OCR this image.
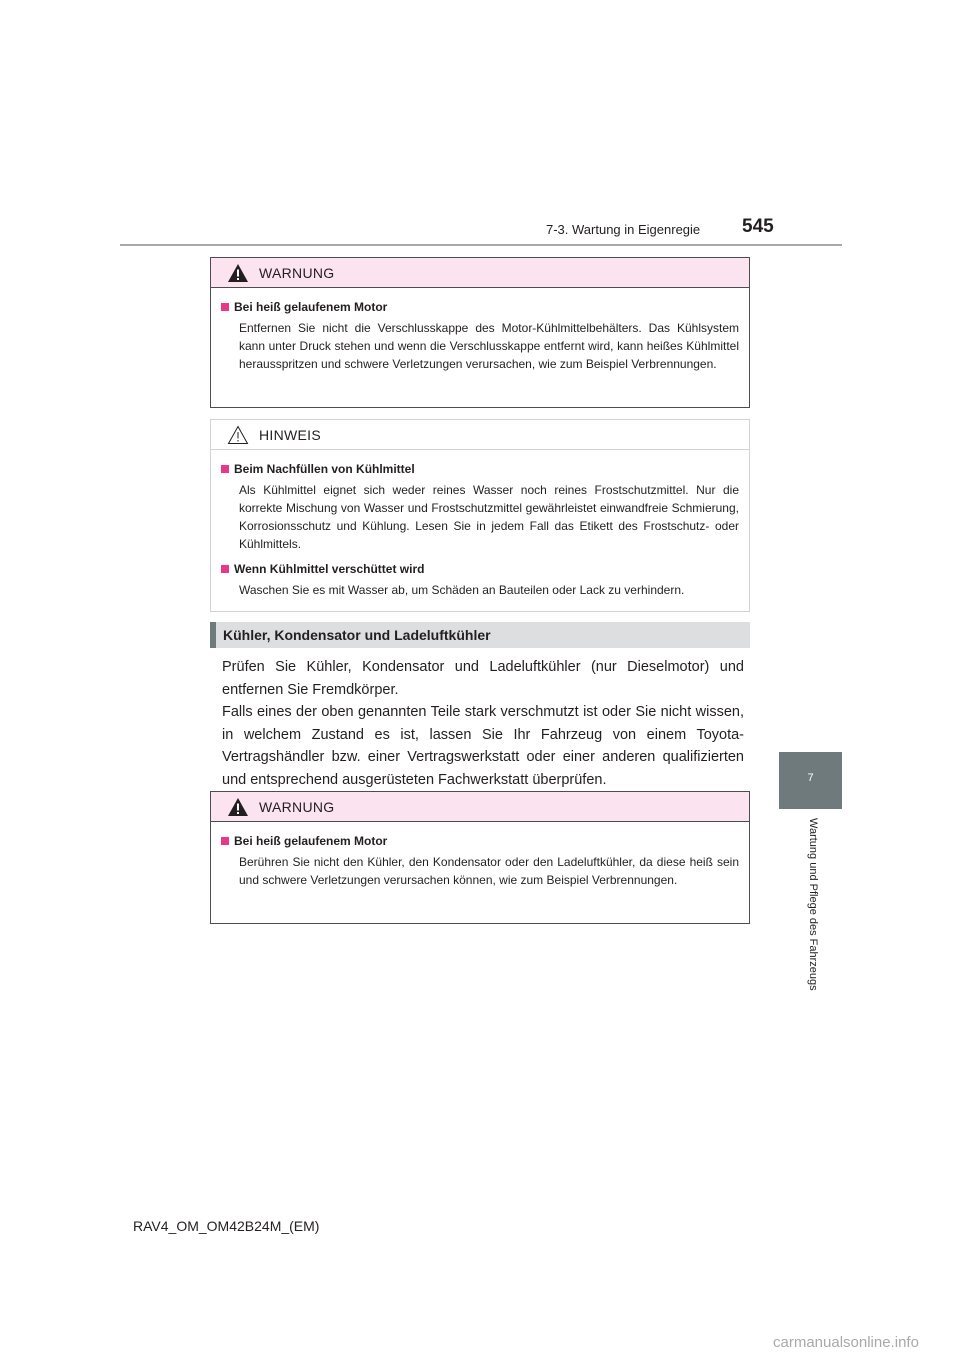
7-3. Wartung in Eigenregie 545
7
Wartung und Pflege des Fahrzeugs
WARNUNG
Bei heiß gelaufenem Motor
Entfernen Sie nicht die Verschlusskappe des Motor-Kühlmittelbehälters. Das Kühlsystem kann unter Druck stehen und wenn die Verschlusskappe entfernt wird, kann heißes Kühlmittel herausspritzen und schwere Verletzungen verursachen, wie zum Beispiel Verbrennungen.
HINWEIS
Beim Nachfüllen von Kühlmittel
Als Kühlmittel eignet sich weder reines Wasser noch reines Frostschutzmittel. Nur die korrekte Mischung von Wasser und Frostschutzmittel gewährleistet einwandfreie Schmierung, Korrosionsschutz und Kühlung. Lesen Sie in jedem Fall das Etikett des Frostschutz- oder Kühlmittels.
Wenn Kühlmittel verschüttet wird
Waschen Sie es mit Wasser ab, um Schäden an Bauteilen oder Lack zu verhindern.
Kühler, Kondensator und Ladeluftkühler

Prüfen Sie Kühler, Kondensator und Ladeluftkühler (nur Dieselmotor) und entfernen Sie Fremdkörper.

Falls eines der oben genannten Teile stark verschmutzt ist oder Sie nicht wissen, in welchem Zustand es ist, lassen Sie Ihr Fahrzeug von einem Toyota-Vertragshändler bzw. einer Vertragswerkstatt oder einer anderen qualifizierten und entsprechend ausgerüsteten Fachwerkstatt überprüfen.

WARNUNG
Bei heiß gelaufenem Motor
Berühren Sie nicht den Kühler, den Kondensator oder den Ladeluftkühler, da diese heiß sein und schwere Verletzungen verursachen können, wie zum Beispiel Verbrennungen.
RAV4_OM_OM42B24M_(EM)
carmanualsonline.info
